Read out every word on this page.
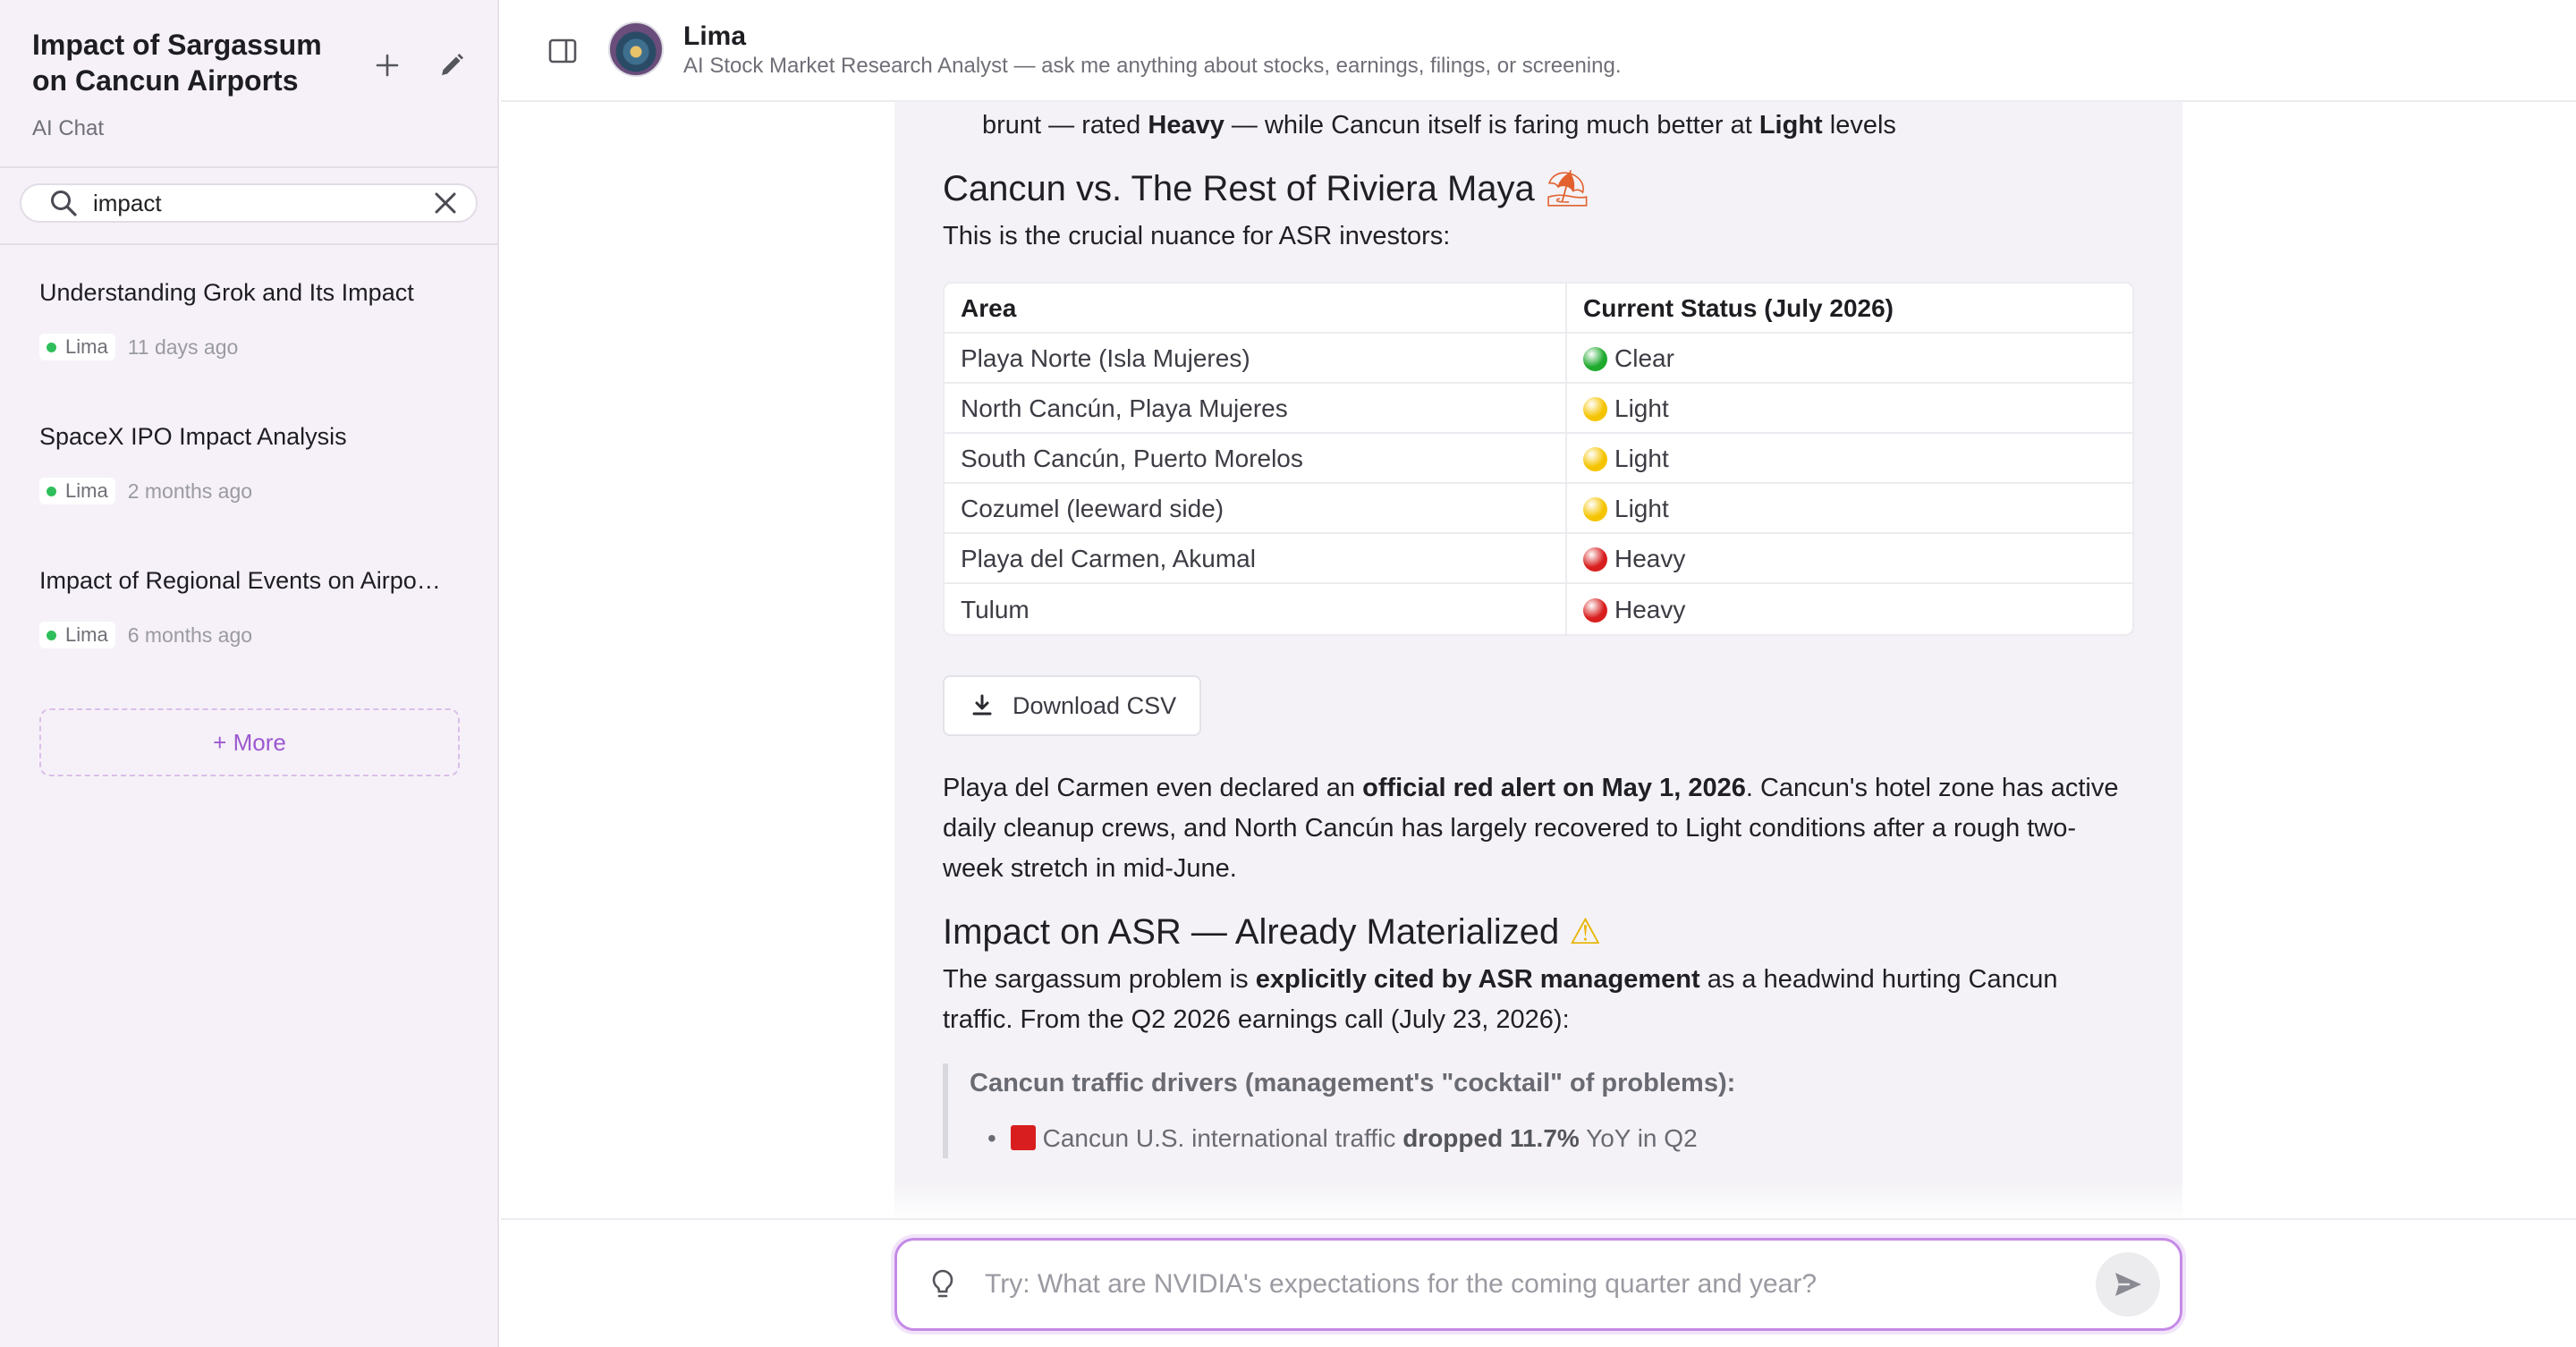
Impact of Sargassum on Cancun Airports
AI Chat
impact
Understanding Grok and Its Impact
Lima 11 days ago
SpaceX IPO Impact Analysis
Lima 2 months ago
Impact of Regional Events on Airpo…
Lima 6 months ago
+ More
Lima
AI Stock Market Research Analyst — ask me anything about stocks, earnings, filings, or screening.
brunt — rated Heavy — while Cancun itself is faring much better at Light levels
Cancun vs. The Rest of Riviera Maya ⛱

This is the crucial nuance for ASR investors:

Area	Current Status (July 2026)
Playa Norte (Isla Mujeres)	Clear
North Cancún, Playa Mujeres	Light
South Cancún, Puerto Morelos	Light
Cozumel (leeward side)	Light
Playa del Carmen, Akumal	Heavy
Tulum	Heavy
Download CSV

Playa del Carmen even declared an official red alert on May 1, 2026. Cancun's hotel zone has active daily cleanup crews, and North Cancún has largely recovered to Light conditions after a rough two-week stretch in mid-June.

Impact on ASR — Already Materialized ⚠

The sargassum problem is explicitly cited by ASR management as a headwind hurting Cancun traffic. From the Q2 2026 earnings call (July 23, 2026):

Cancun traffic drivers (management's "cocktail" of problems):
• Cancun U.S. international traffic dropped 11.7% YoY in Q2
Try: What are NVIDIA's expectations for the coming quarter and year?
